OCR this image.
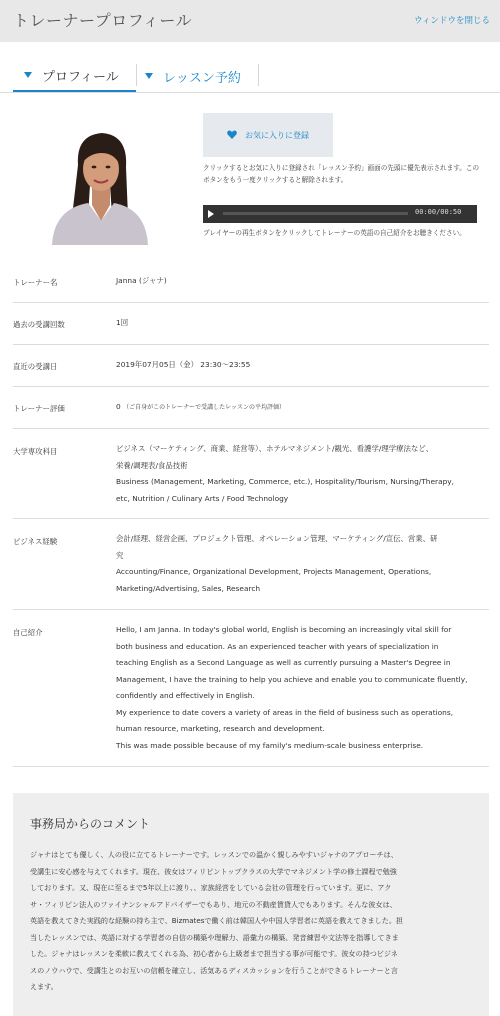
トレーナープロフィール	ウィンドウを閉じる
プロフィール	レッスン予約
お気に入りに登録
クリックするとお気に入りに登録され「レッスン予約」画面の先頭に優先表示されます。このボタンをもう一度クリックすると解除されます。
00:00/00:50
プレイヤーの再生ボタンをクリックしてトレーナーの英語の自己紹介をお聴きください。
トレーナー名	Janna (ジャナ)
過去の受講回数	1回
直近の受講日	2019年07月05日（金） 23:30〜23:55
トレーナー評価	0 （ご自身がこのトレーナーで受講したレッスンの平均評価）
大学専攻科目	ビジネス（マーケティング、商業、経営等）、ホテルマネジメント/観光、看護学/理学療法など、
栄養/調理表/食品技術
Business (Management, Marketing, Commerce, etc.), Hospitality/Tourism, Nursing/Therapy,
etc, Nutrition / Culinary Arts / Food Technology
ビジネス経験	会計/経理、経営企画、プロジェクト管理、オペレーション管理、マーケティング/宣伝、営業、研
究
Accounting/Finance, Organizational Development, Projects Management, Operations,
Marketing/Advertising, Sales, Research
自己紹介	Hello, I am Janna. In today's global world, English is becoming an increasingly vital skill for
both business and education. As an experienced teacher with years of specialization in
teaching English as a Second Language as well as currently pursuing a Master's Degree in
Management, I have the training to help you achieve and enable you to communicate fluently,
confidently and effectively in English.
My experience to date covers a variety of areas in the field of business such as operations,
human resource, marketing, research and development.
This was made possible because of my family's medium-scale business enterprise.
事務局からのコメント
ジャナはとても優しく、人の役に立てるトレーナーです。レッスンでの温かく親しみやすいジャナのアプローチは、
受講生に安心感を与えてくれます。現在、彼女はフィリピントップクラスの大学でマネジメント学の修士課程で勉強
しております。又、現在に至るまで5年以上に渡り、、家族経営をしている会社の管理を行っています。更に、アク
サ・フィリピン法人のファイナンシャルアドバイザーでもあり、地元の不動産賃貸人でもあります。そんな彼女は、
英語を教えてきた実践的な経験の持ち主で、Bizmatesで働く前は韓国人や中国人学習者に英語を教えてきました。担
当したレッスンでは、英語に対する学習者の自信の構築や理解力、語彙力の構築、発音練習や文法等を指導してきま
した。ジャナはレッスンを柔軟に教えてくれる為、初心者から上級者まで担当する事が可能です。彼女の持つビジネ
スのノウハウで、受講生とのお互いの信頼を確立し、活気あるディスカッションを行うことができるトレーナーと言
えます。
